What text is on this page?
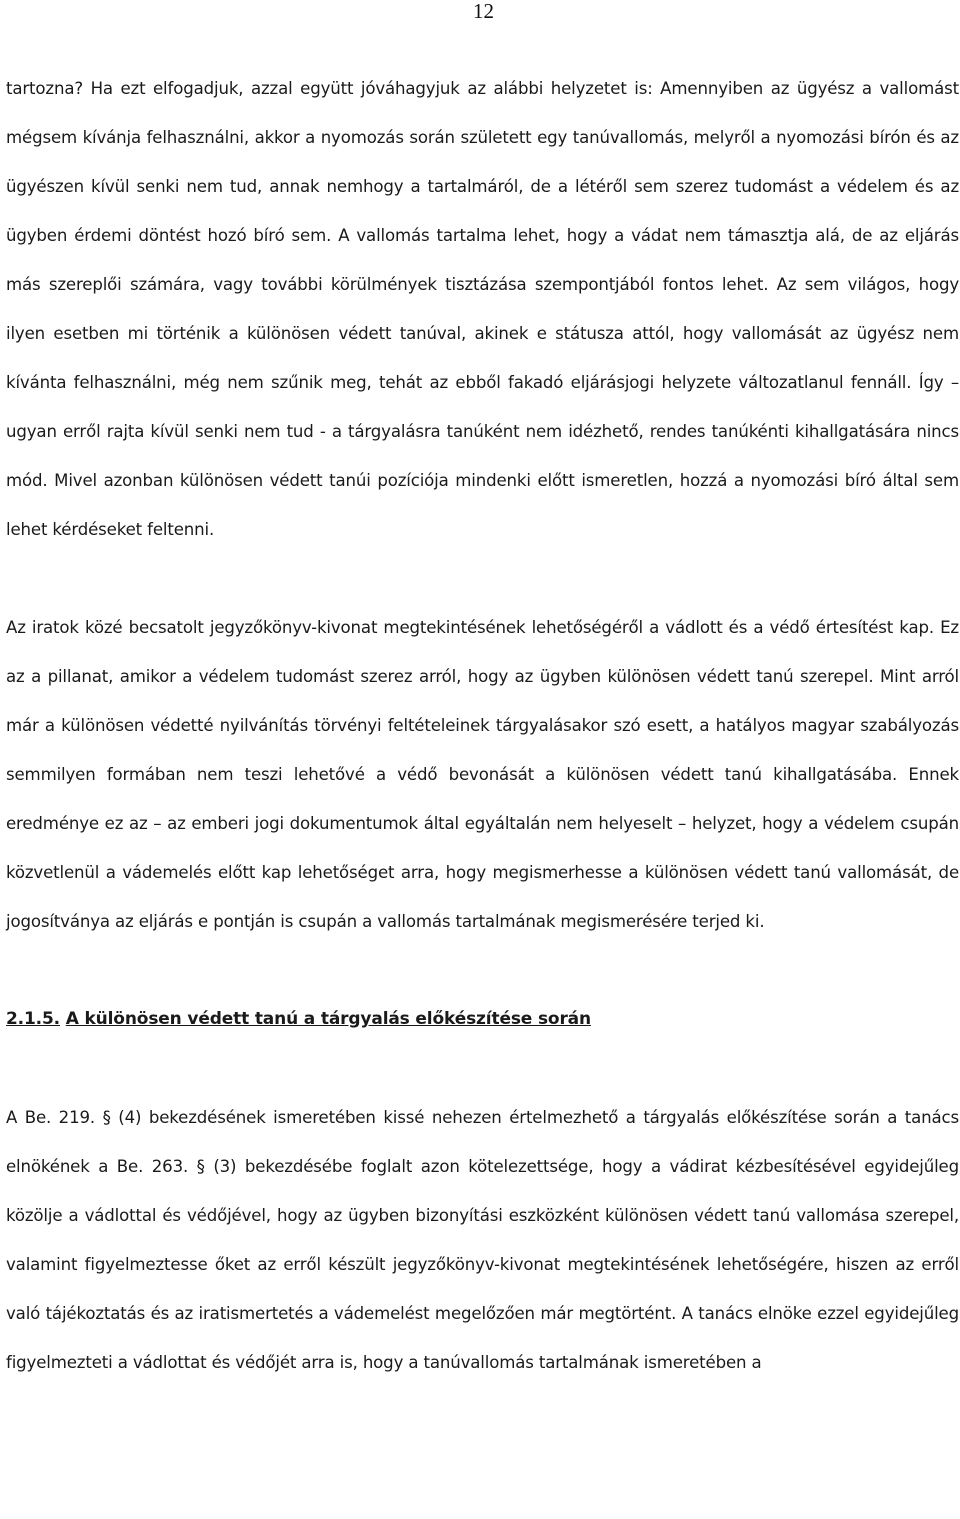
12

tartozna? Ha ezt elfogadjuk, azzal együtt jóváhagyjuk az alábbi helyzetet is: Amennyiben az ügyész a vallomást mégsem kívánja felhasználni, akkor a nyomozás során született egy tanúvallomás, melyről a nyomozási bírón és az ügyészen kívül senki nem tud, annak nemhogy a tartalmáról, de a létéről sem szerez tudomást a védelem és az ügyben érdemi döntést hozó bíró sem. A vallomás tartalma lehet, hogy a vádat nem támasztja alá, de az eljárás más szereplői számára, vagy további körülmények tisztázása szempontjából fontos lehet. Az sem világos, hogy ilyen esetben mi történik a különösen védett tanúval, akinek e státusza attól, hogy vallomását az ügyész nem kívánta felhasználni, még nem szűnik meg, tehát az ebből fakadó eljárásjogi helyzete változatlanul fennáll. Így –ugyan erről rajta kívül senki nem tud - a tárgyalásra tanúként nem idézhető, rendes tanúkénti kihallgatására nincs mód. Mivel azonban különösen védett tanúi pozíciója mindenki előtt ismeretlen, hozzá a nyomozási bíró által sem lehet kérdéseket feltenni.

Az iratok közé becsatolt jegyzőkönyv-kivonat megtekintésének lehetőségéről a vádlott és a védő értesítést kap. Ez az a pillanat, amikor a védelem tudomást szerez arról, hogy az ügyben különösen védett tanú szerepel. Mint arról már a különösen védetté nyilvánítás törvényi feltételeinek tárgyalásakor szó esett, a hatályos magyar szabályozás semmilyen formában nem teszi lehetővé a védő bevonását a különösen védett tanú kihallgatásába. Ennek eredménye ez az – az emberi jogi dokumentumok által egyáltalán nem helyeselt – helyzet, hogy a védelem csupán közvetlenül a vádemelés előtt kap lehetőséget arra, hogy megismerhesse a különösen védett tanú vallomását, de jogosítványa az eljárás e pontján is csupán a vallomás tartalmának megismerésére terjed ki.

2.1.5. A különösen védett tanú a tárgyalás előkészítése során

A Be. 219. § (4) bekezdésének ismeretében kissé nehezen értelmezhető a tárgyalás előkészítése során a tanács elnökének a Be. 263. § (3) bekezdésébe foglalt azon kötelezettsége, hogy a vádirat kézbesítésével egyidejűleg közölje a vádlottal és védőjével, hogy az ügyben bizonyítási eszközként különösen védett tanú vallomása szerepel, valamint figyelmeztesse őket az erről készült jegyzőkönyv-kivonat megtekintésének lehetőségére, hiszen az erről való tájékoztatás és az iratismertetés a vádemelést megelőzően már megtörtént. A tanács elnöke ezzel egyidejűleg figyelmezteti a vádlottat és védőjét arra is, hogy a tanúvallomás tartalmának ismeretében a
